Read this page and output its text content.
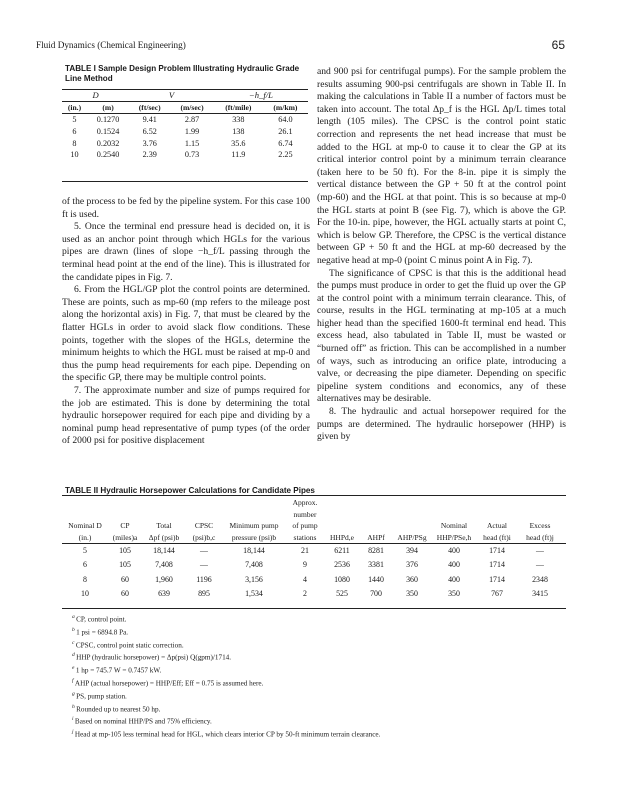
Fluid Dynamics (Chemical Engineering)	65
TABLE I Sample Design Problem Illustrating Hydraulic Grade Line Method
D		V		−h_f/L	
(in.)	(m)	(ft/sec)	(m/sec)	(ft/mile)	(m/km)
5	0.1270	9.41	2.87	338	64.0
6	0.1524	6.52	1.99	138	26.1
8	0.2032	3.76	1.15	35.6	6.74
10	0.2540	2.39	0.73	11.9	2.25

of the process to be fed by the pipeline system. For this case 100 ft is used.

5. Once the terminal end pressure head is decided on, it is used as an anchor point through which HGLs for the various pipes are drawn (lines of slope −h_f/L passing through the terminal head point at the end of the line). This is illustrated for the candidate pipes in Fig. 7.

6. From the HGL/GP plot the control points are determined. These are points, such as mp-60 (mp refers to the mileage post along the horizontal axis) in Fig. 7, that must be cleared by the flatter HGLs in order to avoid slack flow conditions. These points, together with the slopes of the HGLs, determine the minimum heights to which the HGL must be raised at mp-0 and thus the pump head requirements for each pipe. Depending on the specific GP, there may be multiple control points.

7. The approximate number and size of pumps required for the job are estimated. This is done by determining the total hydraulic horsepower required for each pipe and dividing by a nominal pump head representative of pump types (of the order of 2000 psi for positive displacement

and 900 psi for centrifugal pumps). For the sample problem the results assuming 900-psi centrifugals are shown in Table II. In making the calculations in Table II a number of factors must be taken into account. The total Δp_f is the HGL Δp/L times total length (105 miles). The CPSC is the control point static correction and represents the net head increase that must be added to the HGL at mp-0 to cause it to clear the GP at its critical interior control point by a minimum terrain clearance (taken here to be 50 ft). For the 8-in. pipe it is simply the vertical distance between the GP + 50 ft at the control point (mp-60) and the HGL at that point. This is so because at mp-0 the HGL starts at point B (see Fig. 7), which is above the GP. For the 10-in. pipe, however, the HGL actually starts at point C, which is below GP. Therefore, the CPSC is the vertical distance between GP + 50 ft and the HGL at mp-60 decreased by the negative head at mp-0 (point C minus point A in Fig. 7).

The significance of CPSC is that this is the additional head the pumps must produce in order to get the fluid up over the GP at the control point with a minimum terrain clearance. This, of course, results in the HGL terminating at mp-105 at a much higher head than the specified 1600-ft terminal end head. This excess head, also tabulated in Table II, must be wasted or “burned off” as friction. This can be accomplished in a number of ways, such as introducing an orifice plate, introducing a valve, or decreasing the pipe diameter. Depending on specific pipeline system conditions and economics, any of these alternatives may be desirable.

8. The hydraulic and actual horsepower required for the pumps are determined. The hydraulic horsepower (HHP) is given by

TABLE II Hydraulic Horsepower Calculations for Candidate Pipes
					Approx.						
					number						
Nominal D	CP	Total	CPSC	Minimum pump	of pump				Nominal	Actual	Excess
(in.)	(miles)a	Δpf (psi)b	(psi)b,c	pressure (psi)b	stations	HHPd,e	AHPf	AHP/PSg	HHP/PSe,h	head (ft)i	head (ft)j
5	105	18,144	—	18,144	21	6211	8281	394	400	1714	—
6	105	7,408	—	7,408	9	2536	3381	376	400	1714	—
8	60	1,960	1196	3,156	4	1080	1440	360	400	1714	2348
10	60	639	895	1,534	2	525	700	350	350	767	3415
$^a$ CP, control point.
$^b$ 1 psi = 6894.8 Pa.
$^c$ CPSC, control point static correction.
$^d$ HHP (hydraulic horsepower) = Δp(psi) Q(gpm)/1714.
$^e$ 1 hp = 745.7 W = 0.7457 kW.
$^f$ AHP (actual horsepower) = HHP/Eff; Eff = 0.75 is assumed here.
$^g$ PS, pump station.
$^h$ Rounded up to nearest 50 hp.
$^i$ Based on nominal HHP/PS and 75% efficiency.
$^j$ Head at mp-105 less terminal head for HGL, which clears interior CP by 50-ft minimum terrain clearance.
